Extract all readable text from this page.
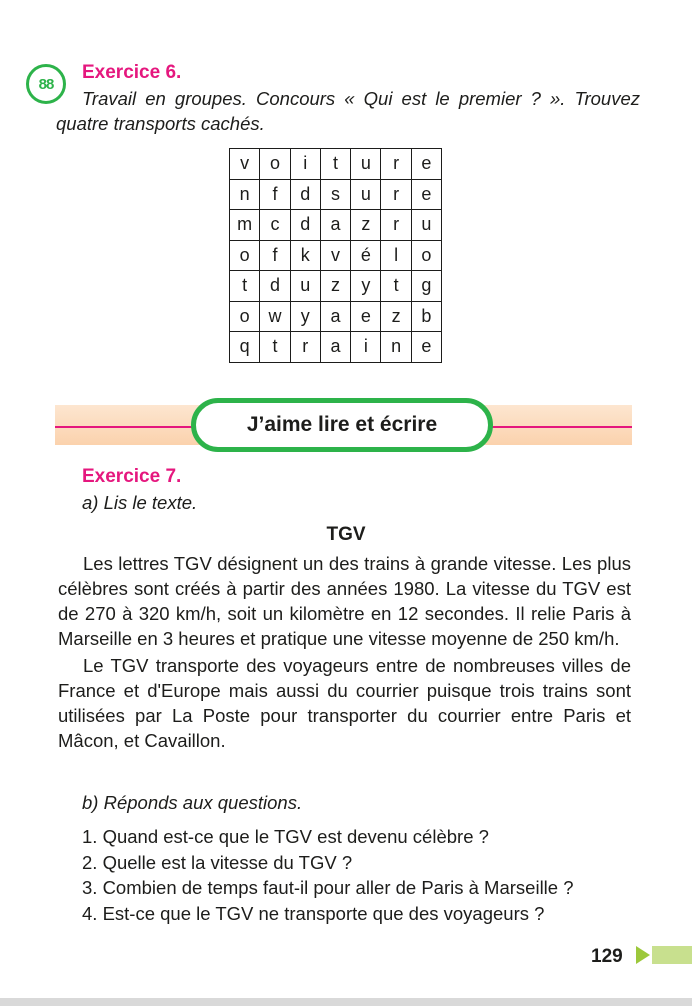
88
Exercice 6.
Travail en groupes. Concours « Qui est le premier ? ». Trouvez quatre transports cachés.
v	o	i	t	u	r	e
n	f	d	s	u	r	e
m	c	d	a	z	r	u
o	f	k	v	é	l	o
t	d	u	z	y	t	g
o	w	y	a	e	z	b
q	t	r	a	i	n	e
J’aime lire et écrire
Exercice 7.
a) Lis le texte.
TGV

Les lettres TGV désignent un des trains à grande vitesse. Les plus célèbres sont créés à partir des années 1980. La vitesse du TGV est de 270 à 320 km/h, soit un kilomètre en 12 secondes. Il relie Paris à Marseille en 3 heures et pratique une vitesse moyenne de 250 km/h.

Le TGV transporte des voyageurs entre de nombreuses villes de France et d'Europe mais aussi du courrier puisque trois trains sont utilisées par La Poste pour transporter du courrier entre Paris et Mâcon, et Cavaillon.

b) Réponds aux questions.
1. Quand est-ce que le TGV est devenu célèbre ?
2. Quelle est la vitesse du TGV ?
3. Combien de temps faut-il pour aller de Paris à Marseille ?
4. Est-ce que le TGV ne transporte que des voyageurs ?
129
